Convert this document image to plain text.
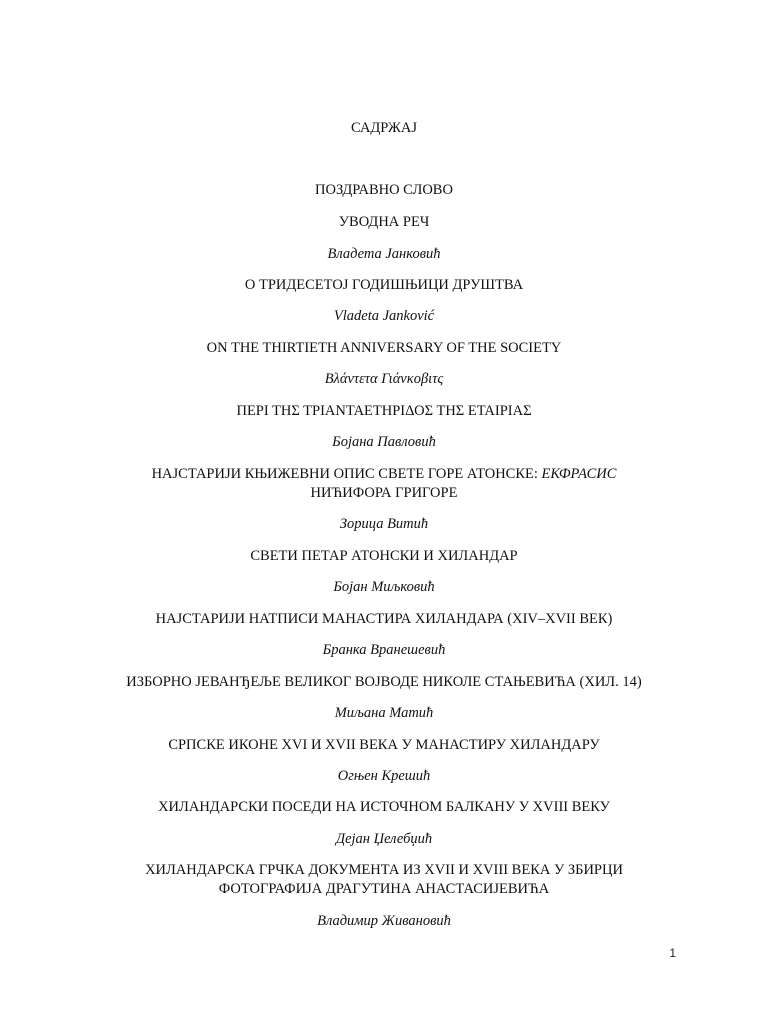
САДРЖАЈ
ПОЗДРАВНО СЛОВО
УВОДНА РЕЧ
Владета Јанковић
О ТРИДЕСЕТОЈ ГОДИШЊИЦИ ДРУШТВА
Vladeta Janković
ON THE THIRTIETH ANNIVERSARY OF THE SOCIETY
Βλάντετα Γιάνκοβιτς
ΠΕΡΙ ΤΗΣ ΤΡΙΑΝΤΑΕΤΗΡΙΔΟΣ ΤΗΣ ΕΤΑΙΡΙΑΣ
Бојана Павловић
НАЈСТАРИЈИ КЊИЖЕВНИ ОПИС СВЕТЕ ГОРЕ АТОНСКЕ: ЕКФРАСИС
НИЋИФОРА ГРИГОРЕ
Зорица Витић
СВЕТИ ПЕТАР АТОНСКИ И ХИЛАНДАР
Бојан Миљковић
НАЈСТАРИЈИ НАТПИСИ МАНАСТИРА ХИЛАНДАРА (XIV–XVII ВЕК)
Бранка Вранешевић
ИЗБОРНО ЈЕВАНЂЕЉЕ ВЕЛИКОГ ВОЈВОДЕ НИКОЛЕ СТАЊЕВИЋА (ХИЛ. 14)
Миљана Матић
СРПСКЕ ИКОНЕ XVI И XVII ВЕКА У МАНАСТИРУ ХИЛАНДАРУ
Огњен Крешић
ХИЛАНДАРСКИ ПОСЕДИ НА ИСТОЧНОМ БАЛКАНУ У XVIII ВЕКУ
Дејан Џелебџић
ХИЛАНДАРСКА ГРЧКА ДОКУМЕНТА ИЗ XVII И XVIII ВЕКА У ЗБИРЦИ
ФОТОГРАФИЈА ДРАГУТИНА АНАСТАСИЈЕВИЋА
Владимир Живановић
1
